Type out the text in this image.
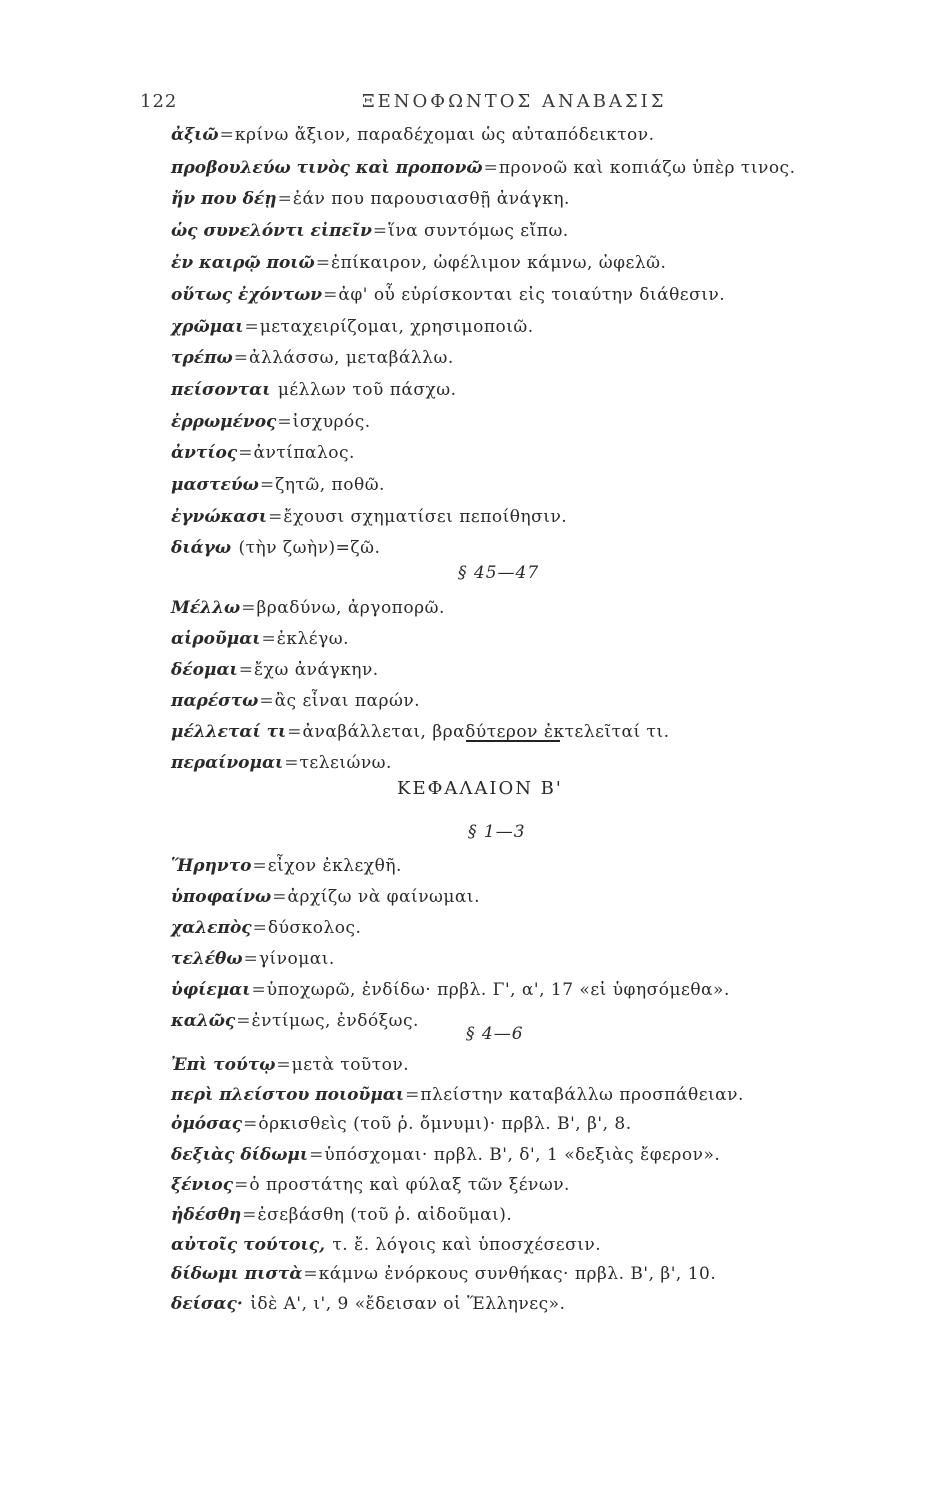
122	ΞΕΝΟΦΩΝΤΟΣ ΑΝΑΒΑΣΙΣ
ἀξιῶ=κρίνω ἄξιον, παραδέχομαι ὡς αὐταπόδεικτον.
προβουλεύω τινὸς καὶ προπονῶ=προνοῶ καὶ κοπιάζω ὑπὲρ τινος.
ἤν που δέῃ=ἐάν που παρουσιασθῇ ἀνάγκη.
ὡς συνελόντι εἰπεῖν=ἵνα συντόμως εἴπω.
ἐν καιρῷ ποιῶ=ἐπίκαιρον, ὠφέλιμον κάμνω, ὠφελῶ.
οὕτως ἐχόντων=ἀφ' οὗ εὑρίσκονται εἰς τοιαύτην διάθεσιν.
χρῶμαι=μεταχειρίζομαι, χρησιμοποιῶ.
τρέπω=ἀλλάσσω, μεταβάλλω.
πείσονται μέλλων τοῦ πάσχω.
ἐρρωμένος=ἰσχυρός.
ἀντίος=ἀντίπαλος.
μαστεύω=ζητῶ, ποθῶ.
ἐγνώκασι=ἔχουσι σχηματίσει πεποίθησιν.
διάγω (τὴν ζωὴν)=ζῶ.
§ 45—47
Μέλλω=βραδύνω, ἀργοπορῶ.
αἱροῦμαι=ἐκλέγω.
δέομαι=ἔχω ἀνάγκην.
παρέστω=ἂς εἶναι παρών.
μέλλεταί τι=ἀναβάλλεται, βραδύτερον ἐκτελεῖταί τι.
περαίνομαι=τελειώνω.
ΚΕΦΑΛΑΙΟΝ Β'
§ 1—3
Ἥρηντο=εἶχον ἐκλεχθῆ.
ὑποφαίνω=ἀρχίζω νὰ φαίνωμαι.
χαλεπὸς=δύσκολος.
τελέθω=γίνομαι.
ὑφίεμαι=ὑποχωρῶ, ἐνδίδω· πρβλ. Γ', α', 17 «εἰ ὑφησόμεθα».
καλῶς=ἐντίμως, ἐνδόξως.
§ 4—6
Ἐπὶ τούτῳ=μετὰ τοῦτον.
περὶ πλείστου ποιοῦμαι=πλείστην καταβάλλω προσπάθειαν.
ὀμόσας=ὁρκισθεὶς (τοῦ ῥ. ὄμνυμι)· πρβλ. Β', β', 8.
δεξιὰς δίδωμι=ὑπόσχομαι· πρβλ. Β', δ', 1 «δεξιὰς ἔφερον».
ξένιος=ὁ προστάτης καὶ φύλαξ τῶν ξένων.
ἠδέσθη=ἐσεβάσθη (τοῦ ῥ. αἰδοῦμαι).
αὐτοῖς τούτοις, τ. ἔ. λόγοις καὶ ὑποσχέσεσιν.
δίδωμι πιστὰ=κάμνω ἐνόρκους συνθήκας· πρβλ. Β', β', 10.
δείσας· ἰδὲ Α', ι', 9 «ἔδεισαν οἱ Ἕλληνες».
